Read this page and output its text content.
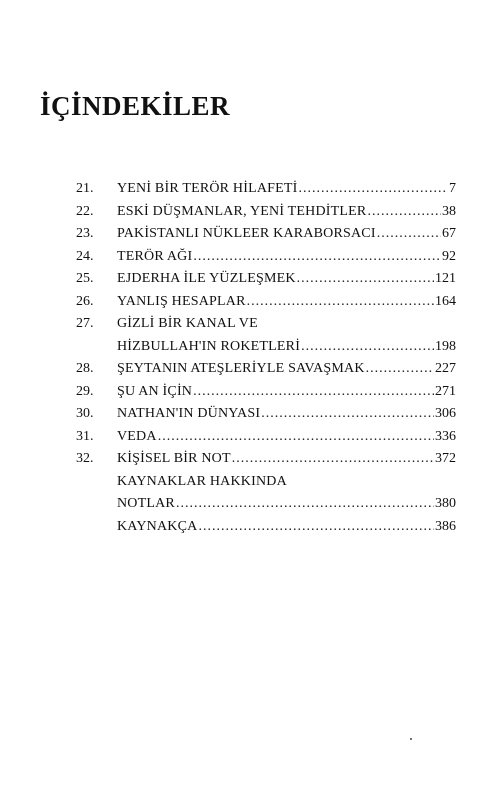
İÇİNDEKİLER
21. YENİ BİR TERÖR HİLAFETİ .....	7
22. ESKİ DÜŞMANLAR, YENİ TEHDİTLER .....	38
23. PAKİSTANLI NÜKLEER KARABORSACI .....	67
24. TERÖR AĞI .....	92
25. EJDERHA İLE YÜZLEŞMEK .....	121
26. YANLIŞ HESAPLAR .....	164
27. GİZLİ BİR KANAL VE
HİZBULLAH'IN ROKETLERİ .....	198
28. ŞEYTANIN ATEŞLERİYLE SAVAŞMAK .....	227
29. ŞU AN İÇİN .....	271
30. NATHAN'IN DÜNYASI .....	306
31. VEDA .....	336
32. KİŞİSEL BİR NOT .....	372
KAYNAKLAR HAKKINDA
NOTLAR .....	380
KAYNAKÇA .....	386
